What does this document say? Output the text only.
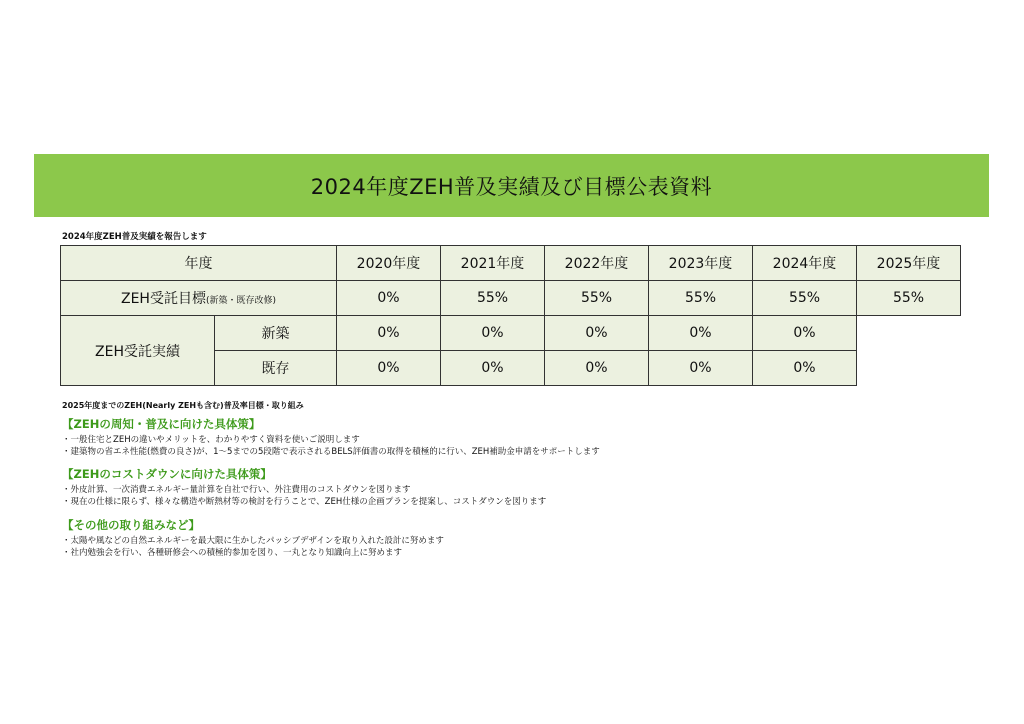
2024年度ZEH普及実績及び目標公表資料
2024年度ZEH普及実績を報告します
年度		2020年度	2021年度	2022年度	2023年度	2024年度	2025年度
ZEH受託目標(新築・既存改修)		0%	55%	55%	55%	55%	55%
ZEH受託実績	新築	0%	0%	0%	0%	0%	
	既存	0%	0%	0%	0%	0%	
2025年度までのZEH(Nearly ZEHも含む)普及率目標・取り組み
【ZEHの周知・普及に向けた具体策】

・一般住宅とZEHの違いやメリットを、わかりやすく資料を使いご説明します

・建築物の省エネ性能(燃費の良さ)が、1〜5までの5段階で表示されるBELS評価書の取得を積極的に行い、ZEH補助金申請をサポートします

【ZEHのコストダウンに向けた具体策】

・外皮計算、一次消費エネルギー量計算を自社で行い、外注費用のコストダウンを図ります

・現在の仕様に限らず、様々な構造や断熱材等の検討を行うことで、ZEH仕様の企画プランを提案し、コストダウンを図ります

【その他の取り組みなど】

・太陽や風などの自然エネルギーを最大限に生かしたパッシブデザインを取り入れた設計に努めます

・社内勉強会を行い、各種研修会への積極的参加を図り、一丸となり知識向上に努めます
